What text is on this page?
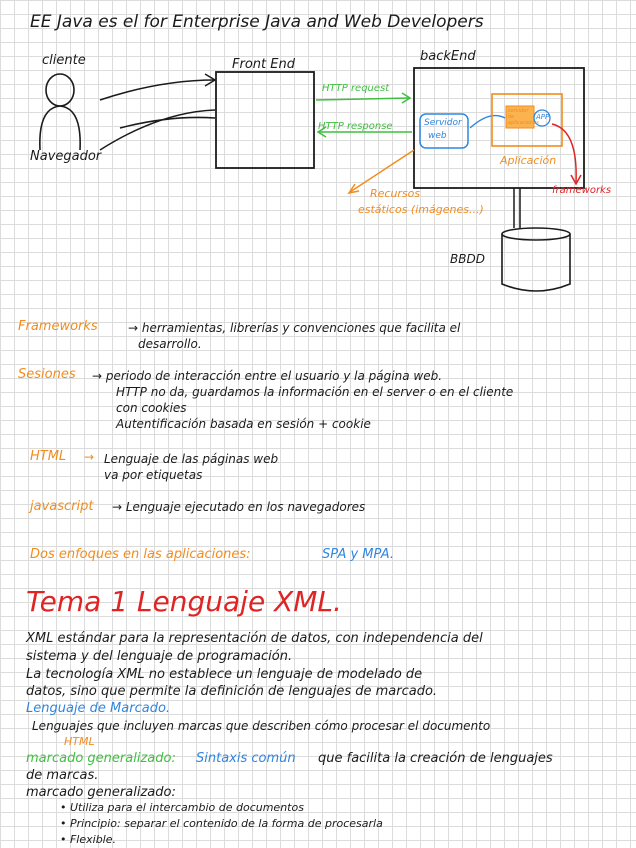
EE Java es el for Enterprise Java and Web Developers
cliente
Navegador
Front End
backEnd
HTTP request
HTTP response	Servidor
web
servidor de aplicaciones
APP
Aplicación
frameworks
Recursos
estáticos (imágenes...)
BBDD
Frameworks	→ herramientas, librerías y convenciones que facilita el
desarrollo.
Sesiones → periodo de interacción entre el usuario y la página web.
HTTP no da, guardamos la información en el server o en el cliente
con cookies
Autentificación basada en sesión + cookie
HTML → Lenguaje de las páginas web
va por etiquetas
javascript → Lenguaje ejecutado en los navegadores
Dos enfoques en las aplicaciones:	SPA y MPA.
Tema 1 Lenguaje XML.
XML estándar para la representación de datos, con independencia del
sistema y del lenguaje de programación.
La tecnología XML no establece un lenguaje de modelado de
datos, sino que permite la definición de lenguajes de marcado.
Lenguaje de Marcado.
Lenguajes que incluyen marcas que describen cómo procesar el documento
HTML
marcado generalizado: Sintaxis común que facilita la creación de lenguajes
de marcas.
marcado generalizado:
• Utiliza para el intercambio de documentos
• Principio: separar el contenido de la forma de procesarla
• Flexible.
